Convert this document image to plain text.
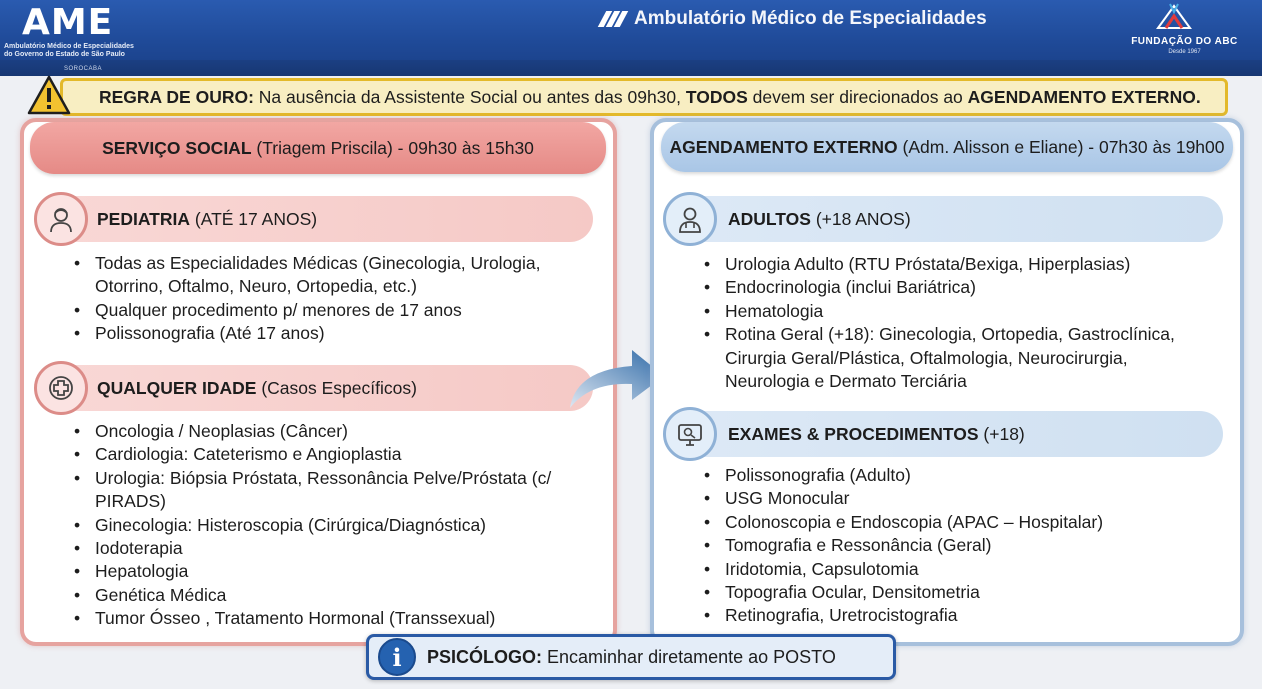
AME
Ambulatório Médico de Especialidades
do Governo do Estado de São Paulo
SOROCABA
Ambulatório Médico de Especialidades
FUNDAÇÃO DO ABC
Desde 1967
REGRA DE OURO: Na ausência da Assistente Social ou antes das 09h30, TODOS devem ser direcionados ao AGENDAMENTO EXTERNO.
SERVIÇO SOCIAL (Triagem Priscila) - 09h30 às 15h30
PEDIATRIA (ATÉ 17 ANOS)
• Todas as Especialidades Médicas (Ginecologia, Urologia,
Otorrino, Oftalmo, Neuro, Ortopedia, etc.)
• Qualquer procedimento p/ menores de 17 anos
• Polissonografia (Até 17 anos)
QUALQUER IDADE (Casos Específicos)
• Oncologia / Neoplasias (Câncer)
• Cardiologia: Cateterismo e Angioplastia
• Urologia: Biópsia Próstata, Ressonância Pelve/Próstata (c/
PIRADS)
• Ginecologia: Histeroscopia (Cirúrgica/Diagnóstica)
• Iodoterapia
• Hepatologia
• Genética Médica
• Tumor Ósseo , Tratamento Hormonal (Transsexual)
AGENDAMENTO EXTERNO (Adm. Alisson e Eliane) - 07h30 às 19h00
ADULTOS (+18 ANOS)
• Urologia Adulto (RTU Próstata/Bexiga, Hiperplasias)
• Endocrinologia (inclui Bariátrica)
• Hematologia
• Rotina Geral (+18): Ginecologia, Ortopedia, Gastroclínica,
Cirurgia Geral/Plástica, Oftalmologia, Neurocirurgia,
Neurologia e Dermato Terciária
EXAMES & PROCEDIMENTOS (+18)
• Polissonografia (Adulto)
• USG Monocular
• Colonoscopia e Endoscopia (APAC – Hospitalar)
• Tomografia e Ressonância (Geral)
• Iridotomia, Capsulotomia
• Topografia Ocular, Densitometria
• Retinografia, Uretrocistografia
PSICÓLOGO: Encaminhar diretamente ao POSTO
i
